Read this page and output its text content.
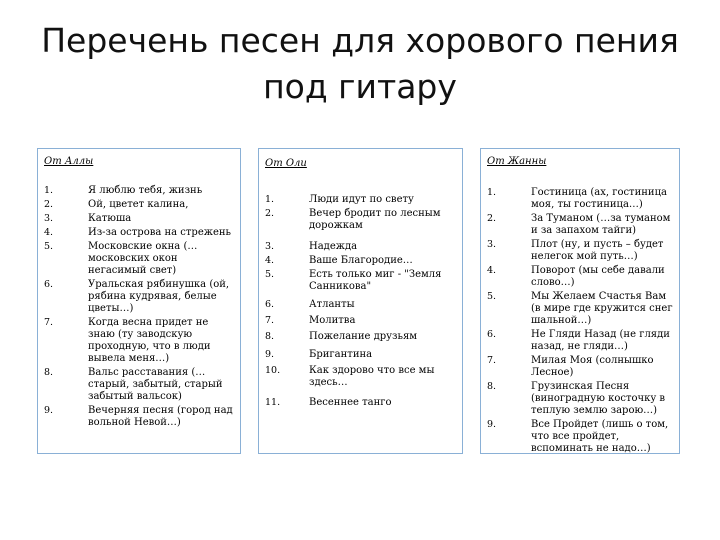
Перечень песен для хорового пения
под гитару
От Аллы
1.	Я люблю тебя, жизнь
2.	Ой, цветет калина,
3.	Катюша
4.	Из-за острова на стрежень
5.	Московские окна (…московских окон негасимый свет)
6.	Уральская рябинушка (ой, рябина кудрявая, белые цветы…)
7.	Когда весна придет не знаю (ту заводскую проходную, что в люди вывела меня…)
8.	Вальс расставания (…старый, забытый, старый забытый вальсок)
9.	Вечерняя песня (город над вольной Невой…)
От Оли
1.	Люди идут по свету
2.	Вечер бродит по лесным дорожкам
3.	Надежда
4.	Ваше Благородие…
5.	Есть только миг - "Земля Санникова"
6.	Атланты
7.	Молитва
8.	Пожелание друзьям
9.	Бригантина
10.	Как здорово что все мы здесь…
11.	Весеннее танго
От Жанны
1.	Гостиница (ах, гостиница моя, ты гостиница…)
2.	За Туманом (…за туманом и за запахом тайги)
3.	Плот (ну, и пусть – будет нелегок мой путь…)
4.	Поворот (мы себе давали слово…)
5.	Мы Желаем Счастья Вам (в мире где кружится снег шальной…)
6.	Не Гляди Назад (не гляди назад, не гляди…)
7.	Милая Моя (солнышко Лесное)
8.	Грузинская Песня (виноградную косточку в теплую землю зарою…)
9.	Все Пройдет (лишь о том, что все пройдет, вспоминать не надо…)
